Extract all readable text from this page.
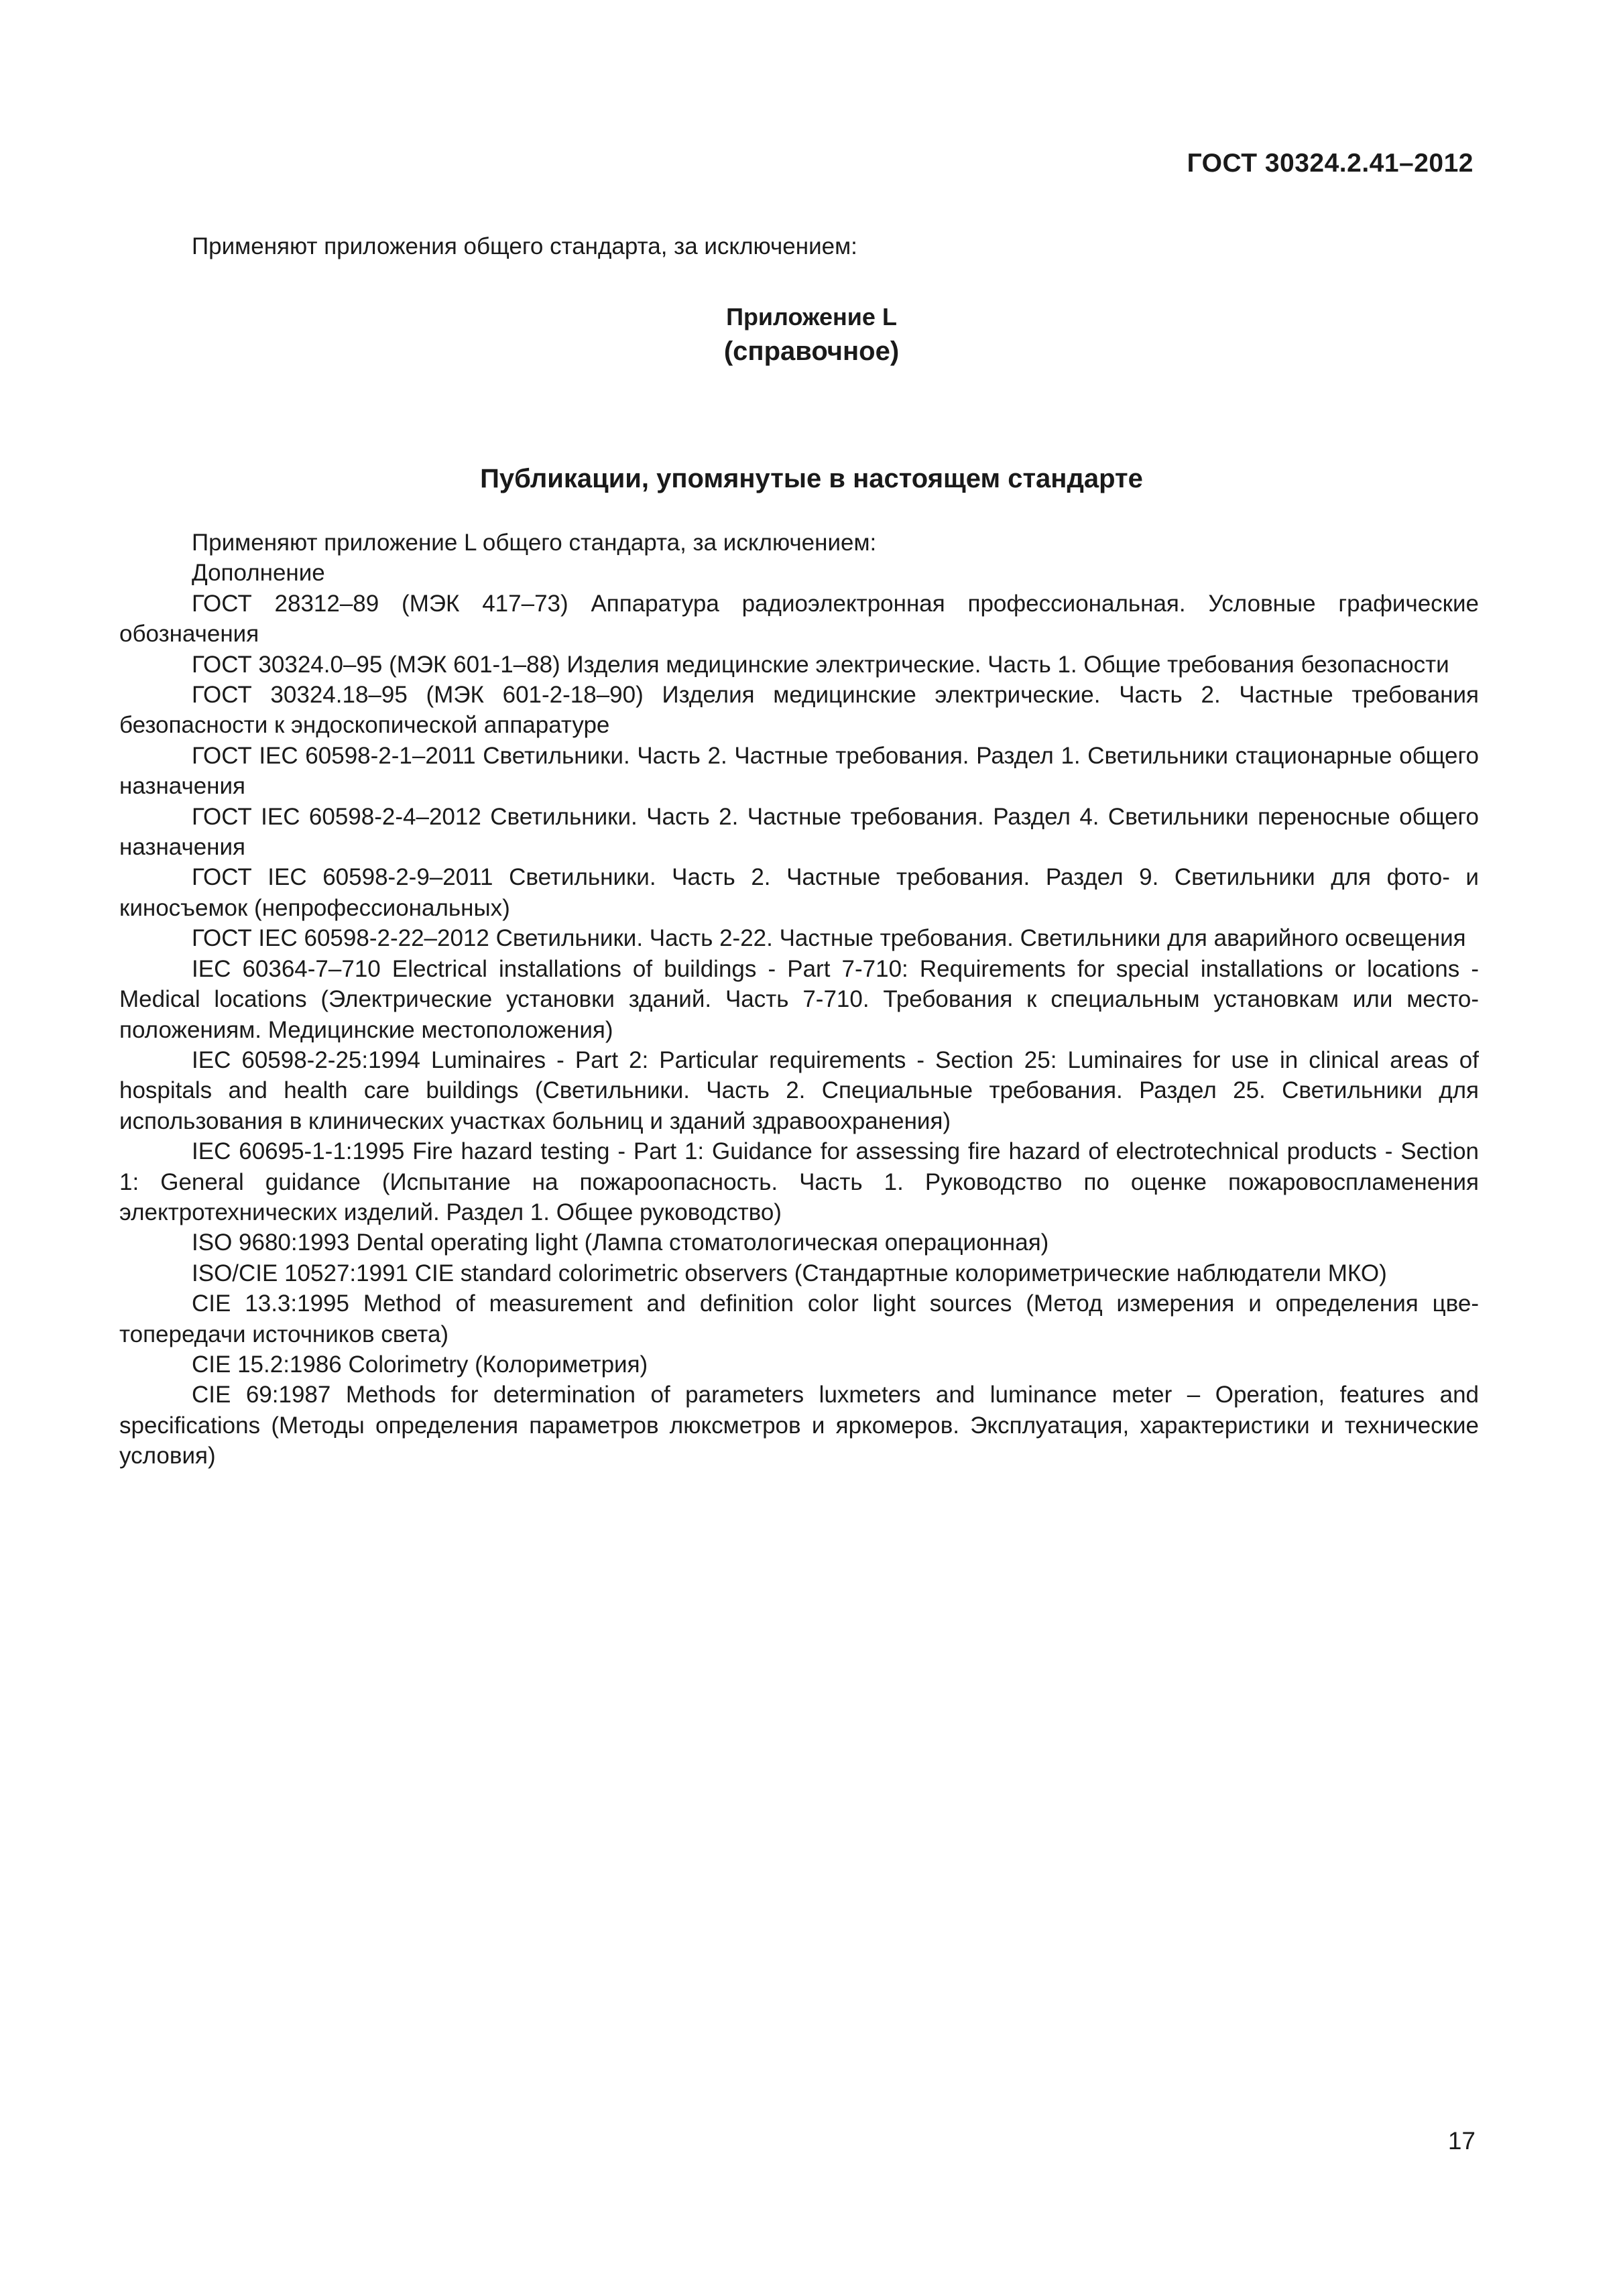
ГОСТ 30324.2.41–2012

Применяют приложения общего стандарта, за исключением:

Приложение L

(справочное)

Публикации, упомянутые в настоящем стандарте

Применяют приложение L общего стандарта, за исключением:

Дополнение

ГОСТ 28312–89 (МЭК 417–73) Аппаратура радиоэлектронная профессиональная. Условные графические обозначения

ГОСТ 30324.0–95 (МЭК 601-1–88) Изделия медицинские электрические. Часть 1. Общие требования безопасности

ГОСТ 30324.18–95 (МЭК 601-2-18–90) Изделия медицинские электрические. Часть 2. Частные требования безопасности к эндоскопической аппаратуре

ГОСТ IEC 60598-2-1–2011 Светильники. Часть 2. Частные требования. Раздел 1. Светильники стационарные общего назначения

ГОСТ IEC 60598-2-4–2012 Светильники. Часть 2. Частные требования. Раздел 4. Светильники переносные общего назначения

ГОСТ IEC 60598-2-9–2011 Светильники. Часть 2. Частные требования. Раздел 9. Светильники для фото- и киносъемок (непрофессиональных)

ГОСТ IEC 60598-2-22–2012 Светильники. Часть 2-22. Частные требования. Светильники для аварийного освещения

IEC 60364-7–710 Electrical installations of buildings - Part 7-710: Requirements for special installations or locations - Medical locations (Электрические установки зданий. Часть 7-710. Требования к специальным установкам или местоположениям. Медицинские местоположения)

IEC 60598-2-25:1994 Luminaires - Part 2: Particular requirements - Section 25: Luminaires for use in clinical areas of hospitals and health care buildings (Светильники. Часть 2. Специальные требования. Раздел 25. Светильники для использования в клинических участках больниц и зданий здравоохранения)

IEC 60695-1-1:1995 Fire hazard testing - Part 1: Guidance for assessing fire hazard of electrotechnical products - Section 1: General guidance (Испытание на пожароопасность. Часть 1. Руководство по оценке пожаровоспламенения электротехнических изделий. Раздел 1. Общее руководство)

ISO 9680:1993 Dental operating light (Лампа стоматологическая операционная)

ISO/CIE 10527:1991 CIE standard colorimetric observers (Стандартные колориметрические наблюдатели МКО)

CIE 13.3:1995 Method of measurement and definition color light sources (Метод измерения и определения цветопередачи источников света)

CIE 15.2:1986 Colorimetry (Колориметрия)

CIE 69:1987 Methods for determination of parameters luxmeters and luminance meter – Operation, features and specifications (Методы определения параметров люксметров и яркомеров. Эксплуатация, характеристики и технические условия)

17
